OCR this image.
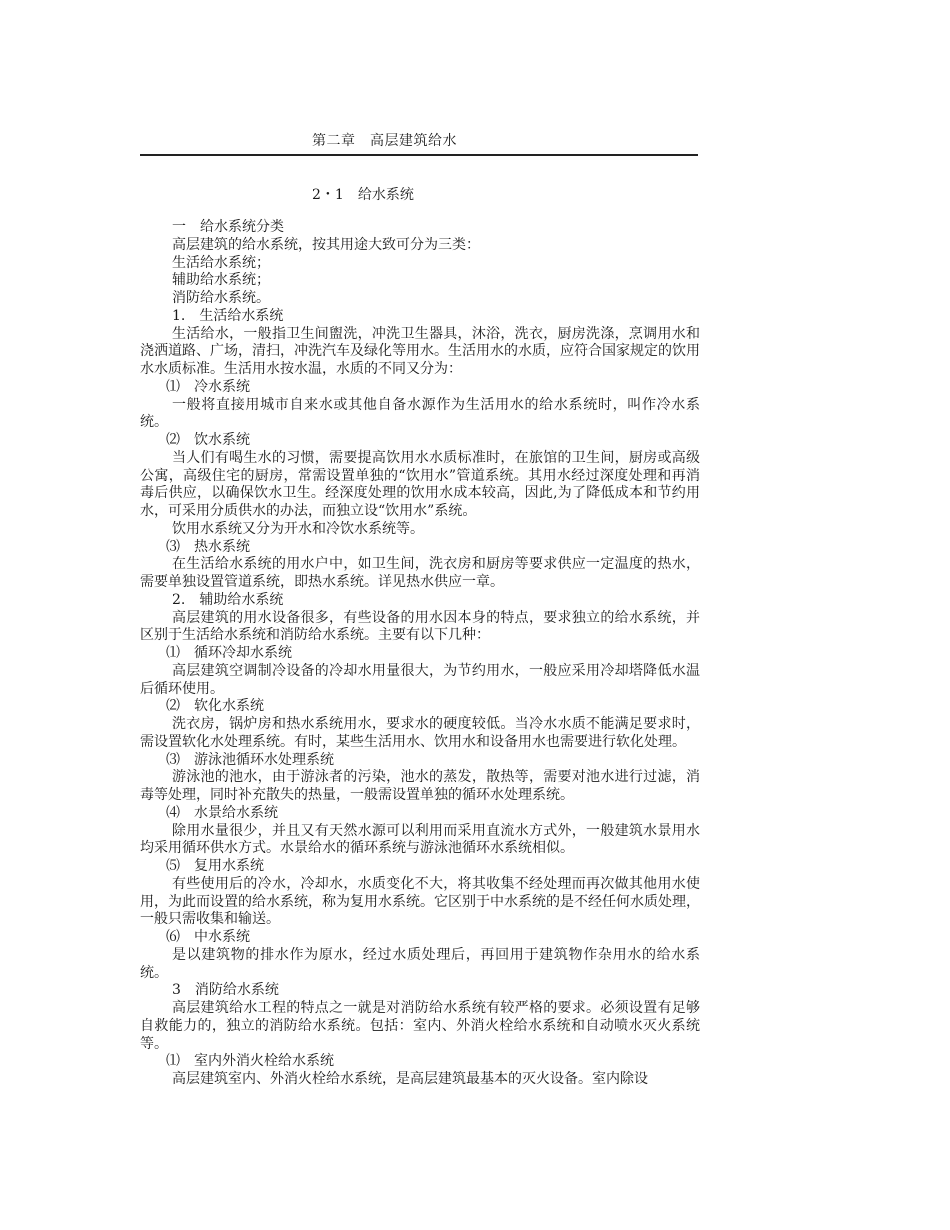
第二章　高层建筑给水
2・1　给水系统

一　给水系统分类

高层建筑的给水系统，按其用途大致可分为三类：

生活给水系统；

辅助给水系统；

消防给水系统。

1.　生活给水系统

生活给水，一般指卫生间盥洗，冲洗卫生器具，沐浴，洗衣，厨房洗涤，烹调用水和浇洒道路、广场，清扫，冲洗汽车及绿化等用水。生活用水的水质，应符合国家规定的饮用水水质标准。生活用水按水温，水质的不同又分为：

⑴　冷水系统

一般将直接用城市自来水或其他自备水源作为生活用水的给水系统时，叫作冷水系统。

⑵　饮水系统

当人们有喝生水的习惯，需要提高饮用水水质标准时，在旅馆的卫生间，厨房或高级公寓，高级住宅的厨房，常需设置单独的“饮用水”管道系统。其用水经过深度处理和再消毒后供应，以确保饮水卫生。经深度处理的饮用水成本较高，因此,为了降低成本和节约用水，可采用分质供水的办法，而独立设“饮用水”系统。

饮用水系统又分为开水和冷饮水系统等。

⑶　热水系统

在生活给水系统的用水户中，如卫生间，洗衣房和厨房等要求供应一定温度的热水，需要单独设置管道系统，即热水系统。详见热水供应一章。

2.　辅助给水系统

高层建筑的用水设备很多，有些设备的用水因本身的特点，要求独立的给水系统，并区别于生活给水系统和消防给水系统。主要有以下几种：

⑴　循环冷却水系统

高层建筑空调制冷设备的冷却水用量很大，为节约用水，一般应采用冷却塔降低水温后循环使用。

⑵　软化水系统

洗衣房，锅炉房和热水系统用水，要求水的硬度较低。当冷水水质不能满足要求时，需设置软化水处理系统。有时，某些生活用水、饮用水和设备用水也需要进行软化处理。

⑶　游泳池循环水处理系统

游泳池的池水，由于游泳者的污染，池水的蒸发，散热等，需要对池水进行过滤，消毒等处理，同时补充散失的热量，一般需设置单独的循环水处理系统。

⑷　水景给水系统

除用水量很少，并且又有天然水源可以利用而采用直流水方式外，一般建筑水景用水均采用循环供水方式。水景给水的循环系统与游泳池循环水系统相似。

⑸　复用水系统

有些使用后的冷水，冷却水，水质变化不大，将其收集不经处理而再次做其他用水使用，为此而设置的给水系统，称为复用水系统。它区别于中水系统的是不经任何水质处理，一般只需收集和输送。

⑹　中水系统

是以建筑物的排水作为原水，经过水质处理后，再回用于建筑物作杂用水的给水系统。

3　消防给水系统

高层建筑给水工程的特点之一就是对消防给水系统有较严格的要求。必须设置有足够自救能力的，独立的消防给水系统。包括：室内、外消火栓给水系统和自动喷水灭火系统等。

⑴　室内外消火栓给水系统

高层建筑室内、外消火栓给水系统，是高层建筑最基本的灭火设备。室内除设
